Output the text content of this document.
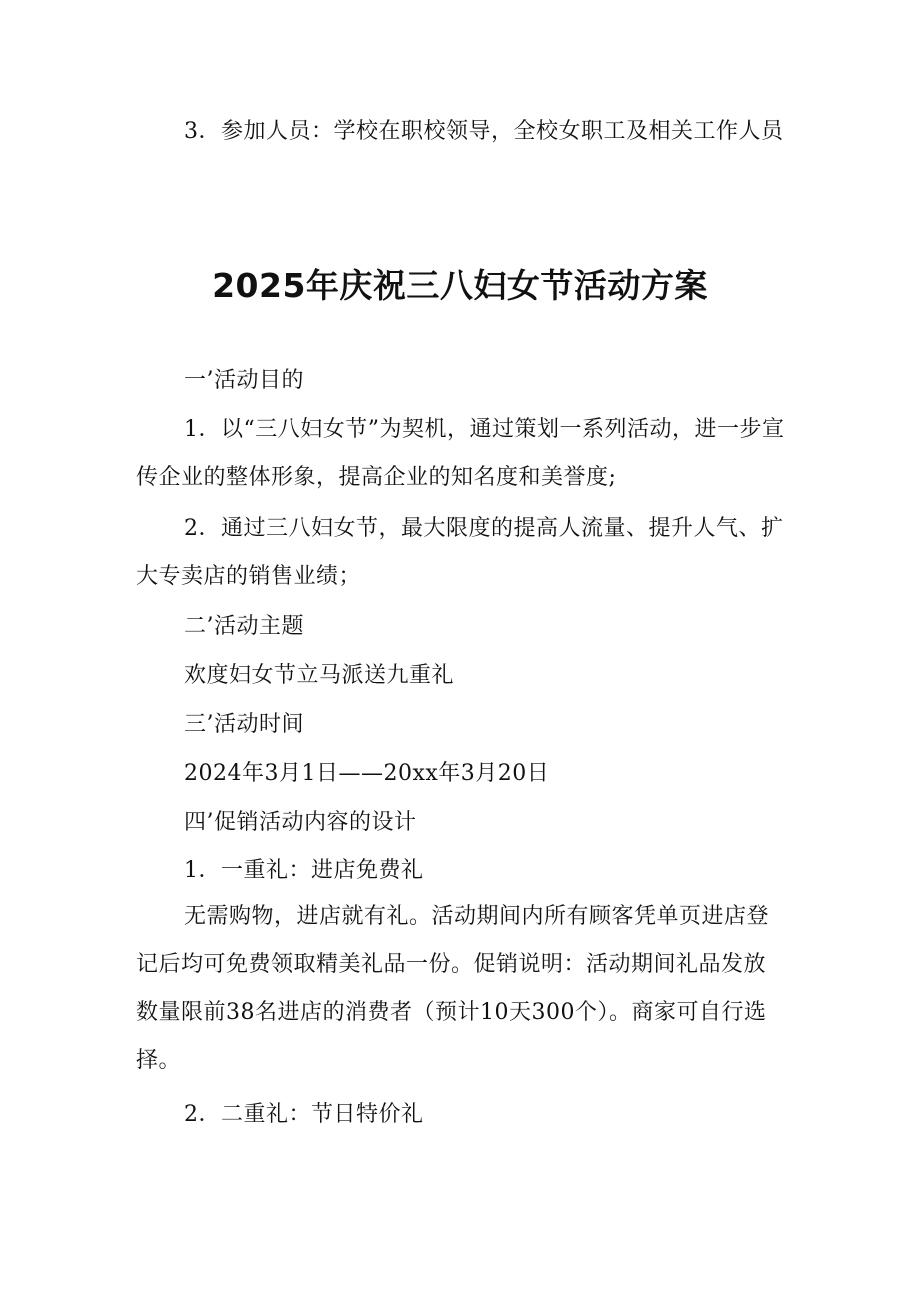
3．参加人员：学校在职校领导，全校女职工及相关工作人员

2025年庆祝三八妇女节活动方案

一’活动目的

1．以“三八妇女节”为契机，通过策划一系列活动，进一步宣传企业的整体形象，提高企业的知名度和美誉度;

2．通过三八妇女节，最大限度的提高人流量、提升人气、扩大专卖店的销售业绩；

二’活动主题

欢度妇女节立马派送九重礼

三’活动时间

2024年3月1日——20xx年3月20日

四’促销活动内容的设计

1．一重礼：进店免费礼

无需购物，进店就有礼。活动期间内所有顾客凭单页进店登记后均可免费领取精美礼品一份。促销说明：活动期间礼品发放数量限前38名进店的消费者（预计10天300个）。商家可自行选择。

2．二重礼：节日特价礼
